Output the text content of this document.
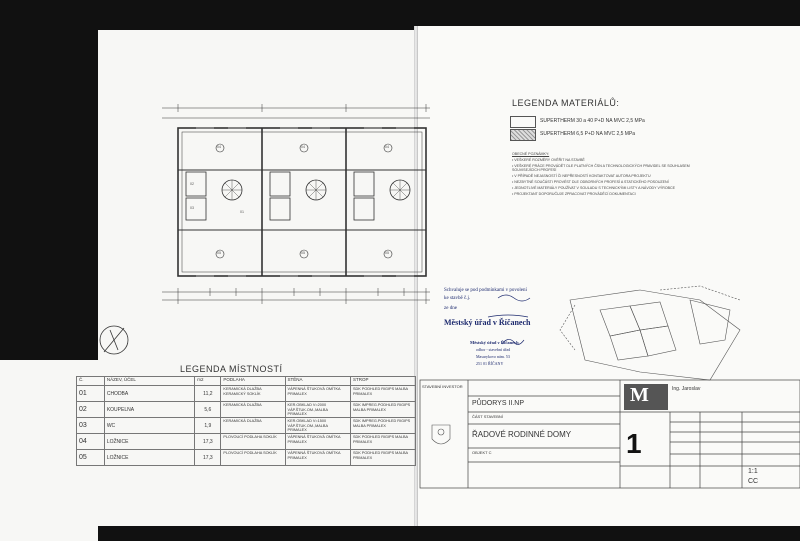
04
05
04
05
04
05
01
02
03
LEGENDA MÍSTNOSTÍ
Č.	NÁZEV, ÚČEL	m2	PODLAHA	STĚNA	STROP
01	CHODBA	11,2	KERAMICKÁ DLAŽBA KERAMICKÝ SOKLÍK	VÁPENNÁ ŠTUKOVÁ OMÍTKA PRIMALEX	SDK PODHLED RIGIPS MALBA PRIMALEX
02	KOUPELNA	5,6	KERAMICKÁ DLAŽBA	KER.OBKLAD V=2000 VÁP.ŠTUK.OM.,MALBA PRIMALEX	SDK IMPREG.PODHLED RIGIPS MALBA PRIMALEX
03	WC	1,9	KERAMICKÁ DLAŽBA	KER.OBKLAD V=1500 VÁP.ŠTUK.OM.,MALBA PRIMALEX	SDK IMPREG.PODHLED RIGIPS MALBA PRIMALEX
04	LOŽNICE	17,3	PLOVOUCÍ PODLAHA SOKLÍK	VÁPENNÁ ŠTUKOVÁ OMÍTKA PRIMALEX	SDK PODHLED RIGIPS MALBA PRIMALEX
05	LOŽNICE	17,3	PLOVOUCÍ PODLAHA SOKLÍK	VÁPENNÁ ŠTUKOVÁ OMÍTKA PRIMALEX	SDK PODHLED RIGIPS MALBA PRIMALEX
LEGENDA MATERIÁLŮ:
SUPERTHERM 30 a 40 P+D NA MVC 2,5 MPa
SUPERTHERM 6,5 P+D NA MVC 2,5 MPa
OBECNÉ POZNÁMKY:
• VEŠKERÉ ROZMĚRY OVĚŘIT NA STAVBĚ
• VEŠKERÉ PRÁCE PROVÁDĚT DLE PLATNÝCH ČSN A TECHNOLOGICKÝCH PRAVIDEL SE SOUHLASEM SOUVISEJÍCÍCH PROFESÍ
• V PŘÍPADĚ NEJASNOSTÍ ČI NEPŘESNOSTÍ KONTAKTOVAT AUTORA PROJEKTU
• NEZBYTNÉ SOUČÁSTI PROVÉST DLE ODBORNÝCH PROFESÍ A STATICKÉHO POSOUZENÍ
• JEDNOTLIVÉ MATERIÁLY POUŽÍVAT V SOULADU S TECHNICKÝMI LISTY A NÁVODY VÝROBCE
• PROJEKTANT DOPORUČUJE ZPRACOVAT PROVÁDĚCÍ DOKUMENTACI
Schvaluje se pod podmínkami v povolení
ke stavbě č.j.
ze dne
Městský úřad v Říčanech
Městský úřad v Říčanech
odbor - stavební úřad
Masarykovo nám. 53
251 01 ŘÍČANY
STAVEBNÍ INVESTOR
PŮDORYS II.NP
ČÁST STAVEBNÍ
ŘADOVÉ RODINNÉ DOMY
OBJEKT C
M	Ing. Jaroslav
1
1:1
CC
